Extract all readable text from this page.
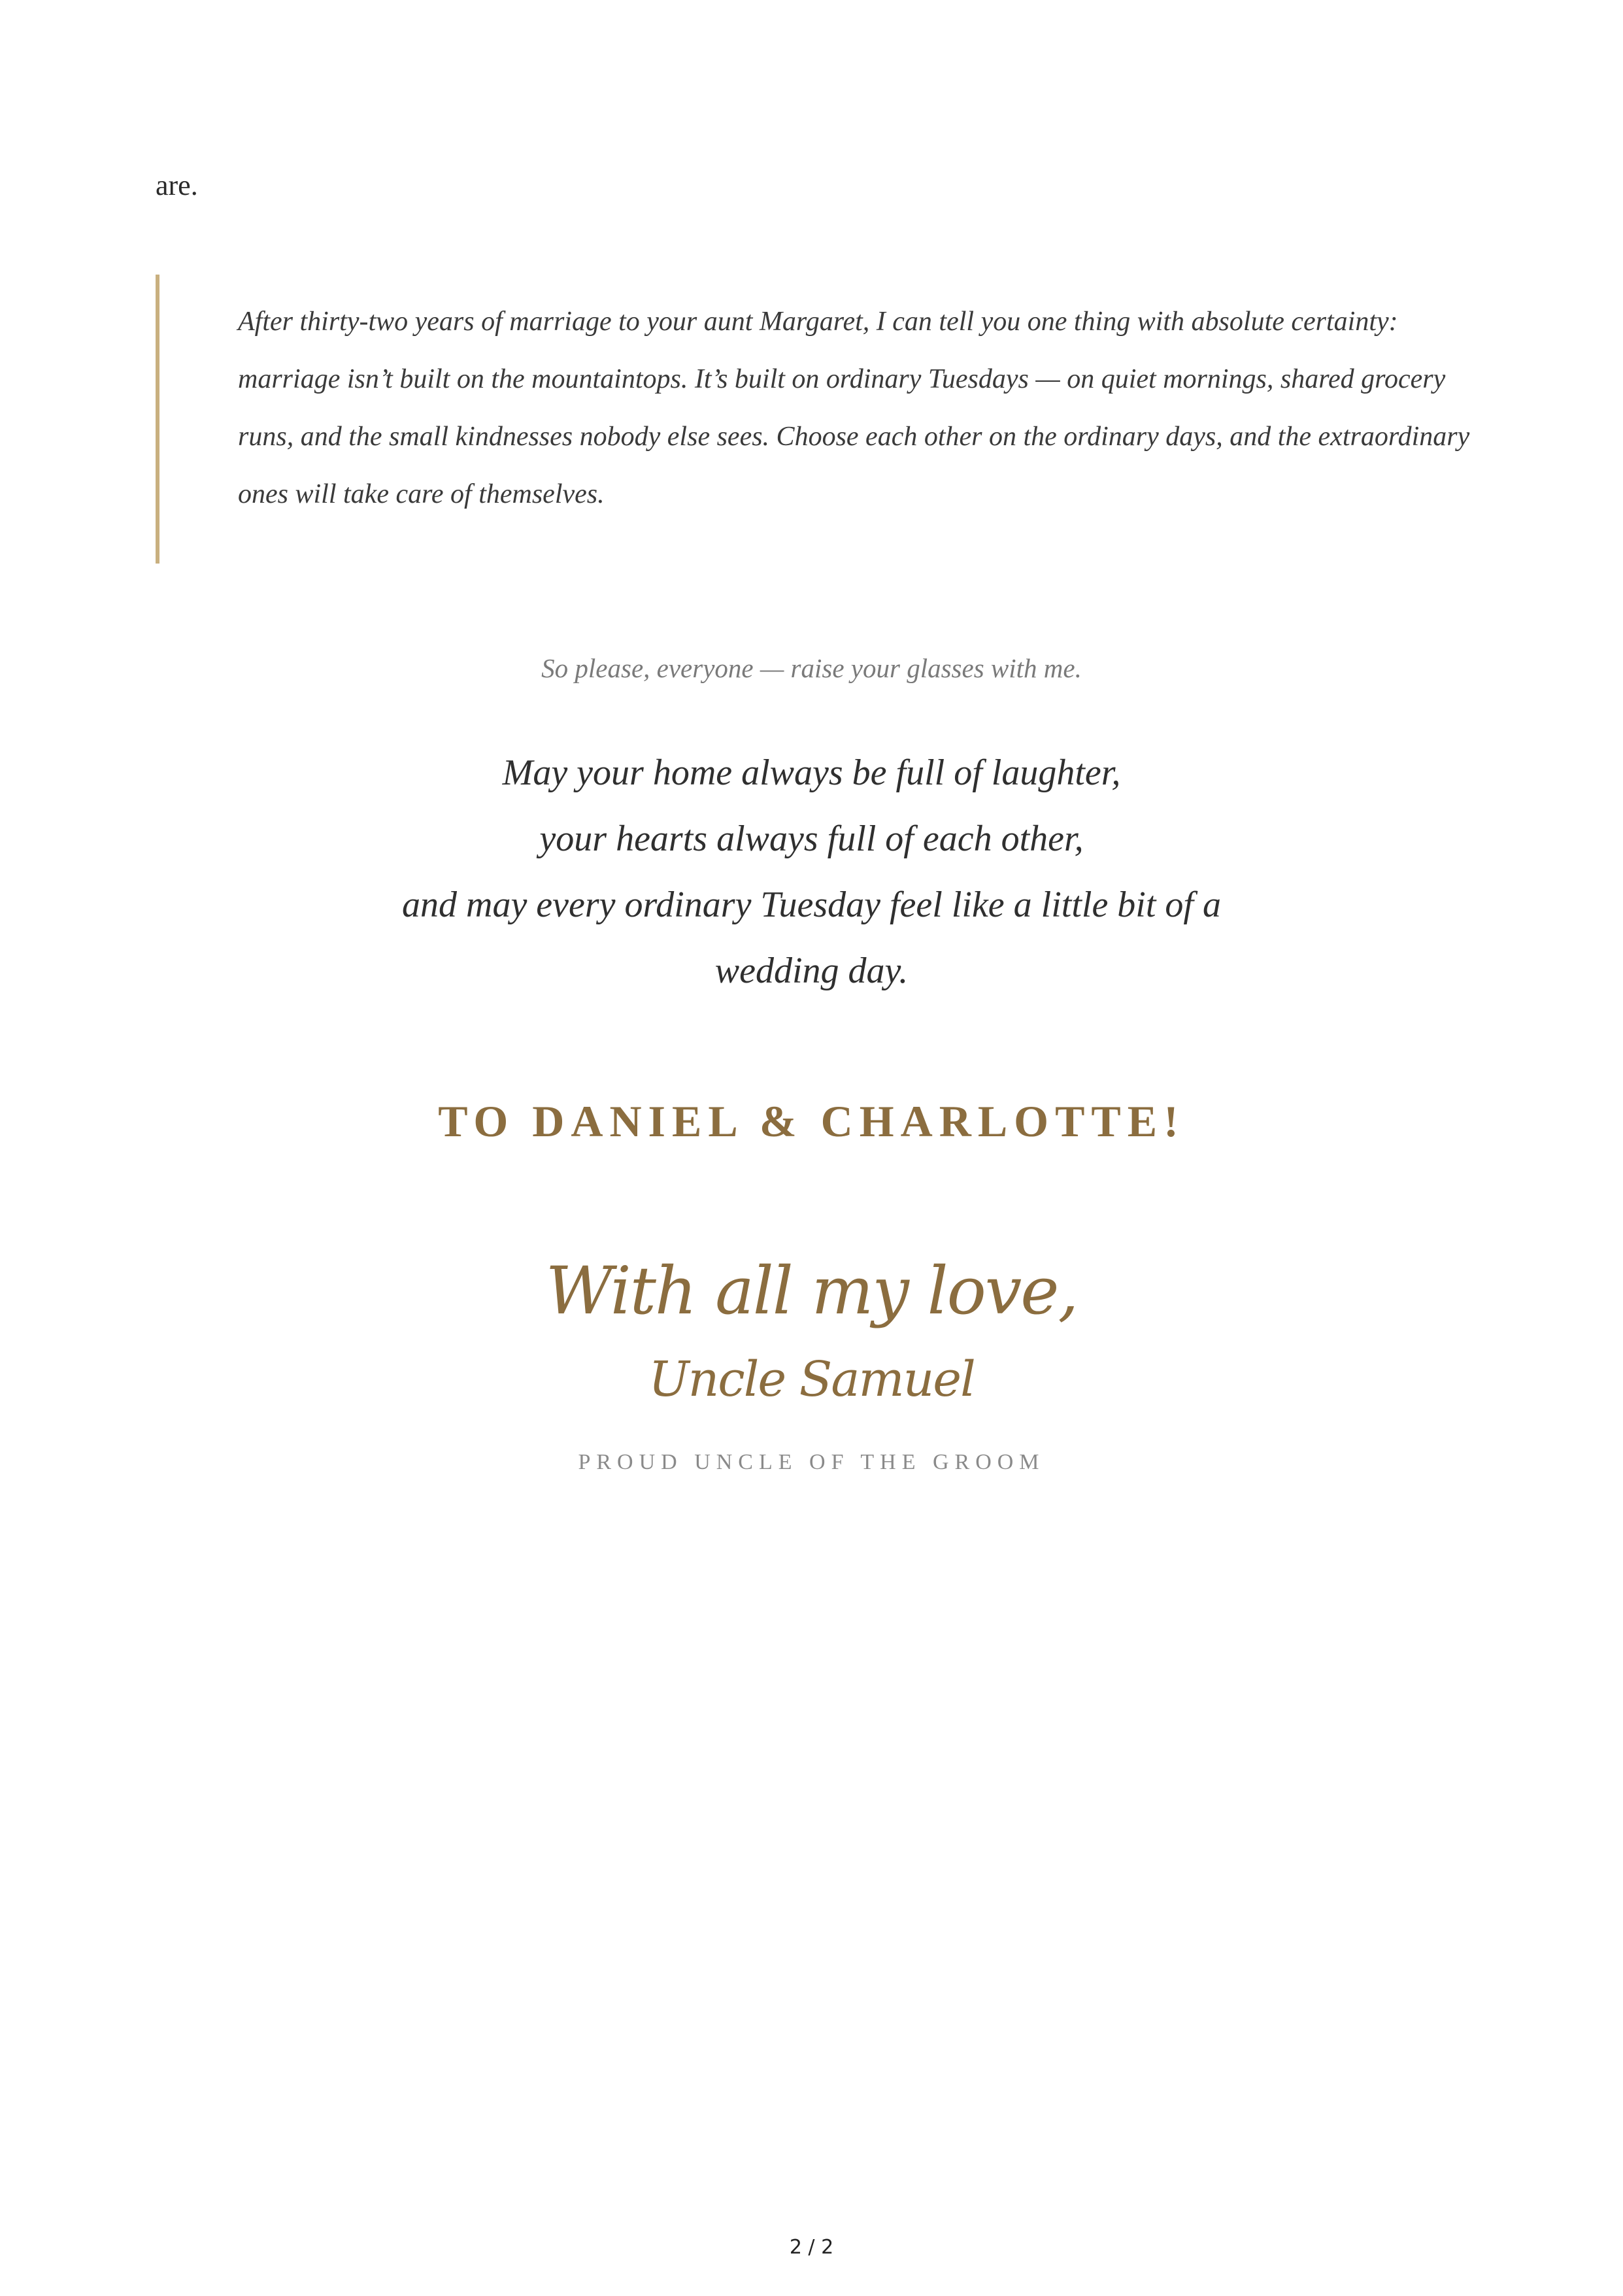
are.

After thirty-two years of marriage to your aunt Margaret, I can tell you one thing with absolute certainty: marriage isn’t built on the mountaintops. It’s built on ordinary Tuesdays — on quiet mornings, shared grocery runs, and the small kindnesses nobody else sees. Choose each other on the ordinary days, and the extraordinary ones will take care of themselves.

So please, everyone — raise your glasses with me.
May your home always be full of laughter,
your hearts always full of each other,
and may every ordinary Tuesday feel like a little bit of a
wedding day.
TO DANIEL & CHARLOTTE!
With all my love,
Uncle Samuel
PROUD UNCLE OF THE GROOM
2 / 2
